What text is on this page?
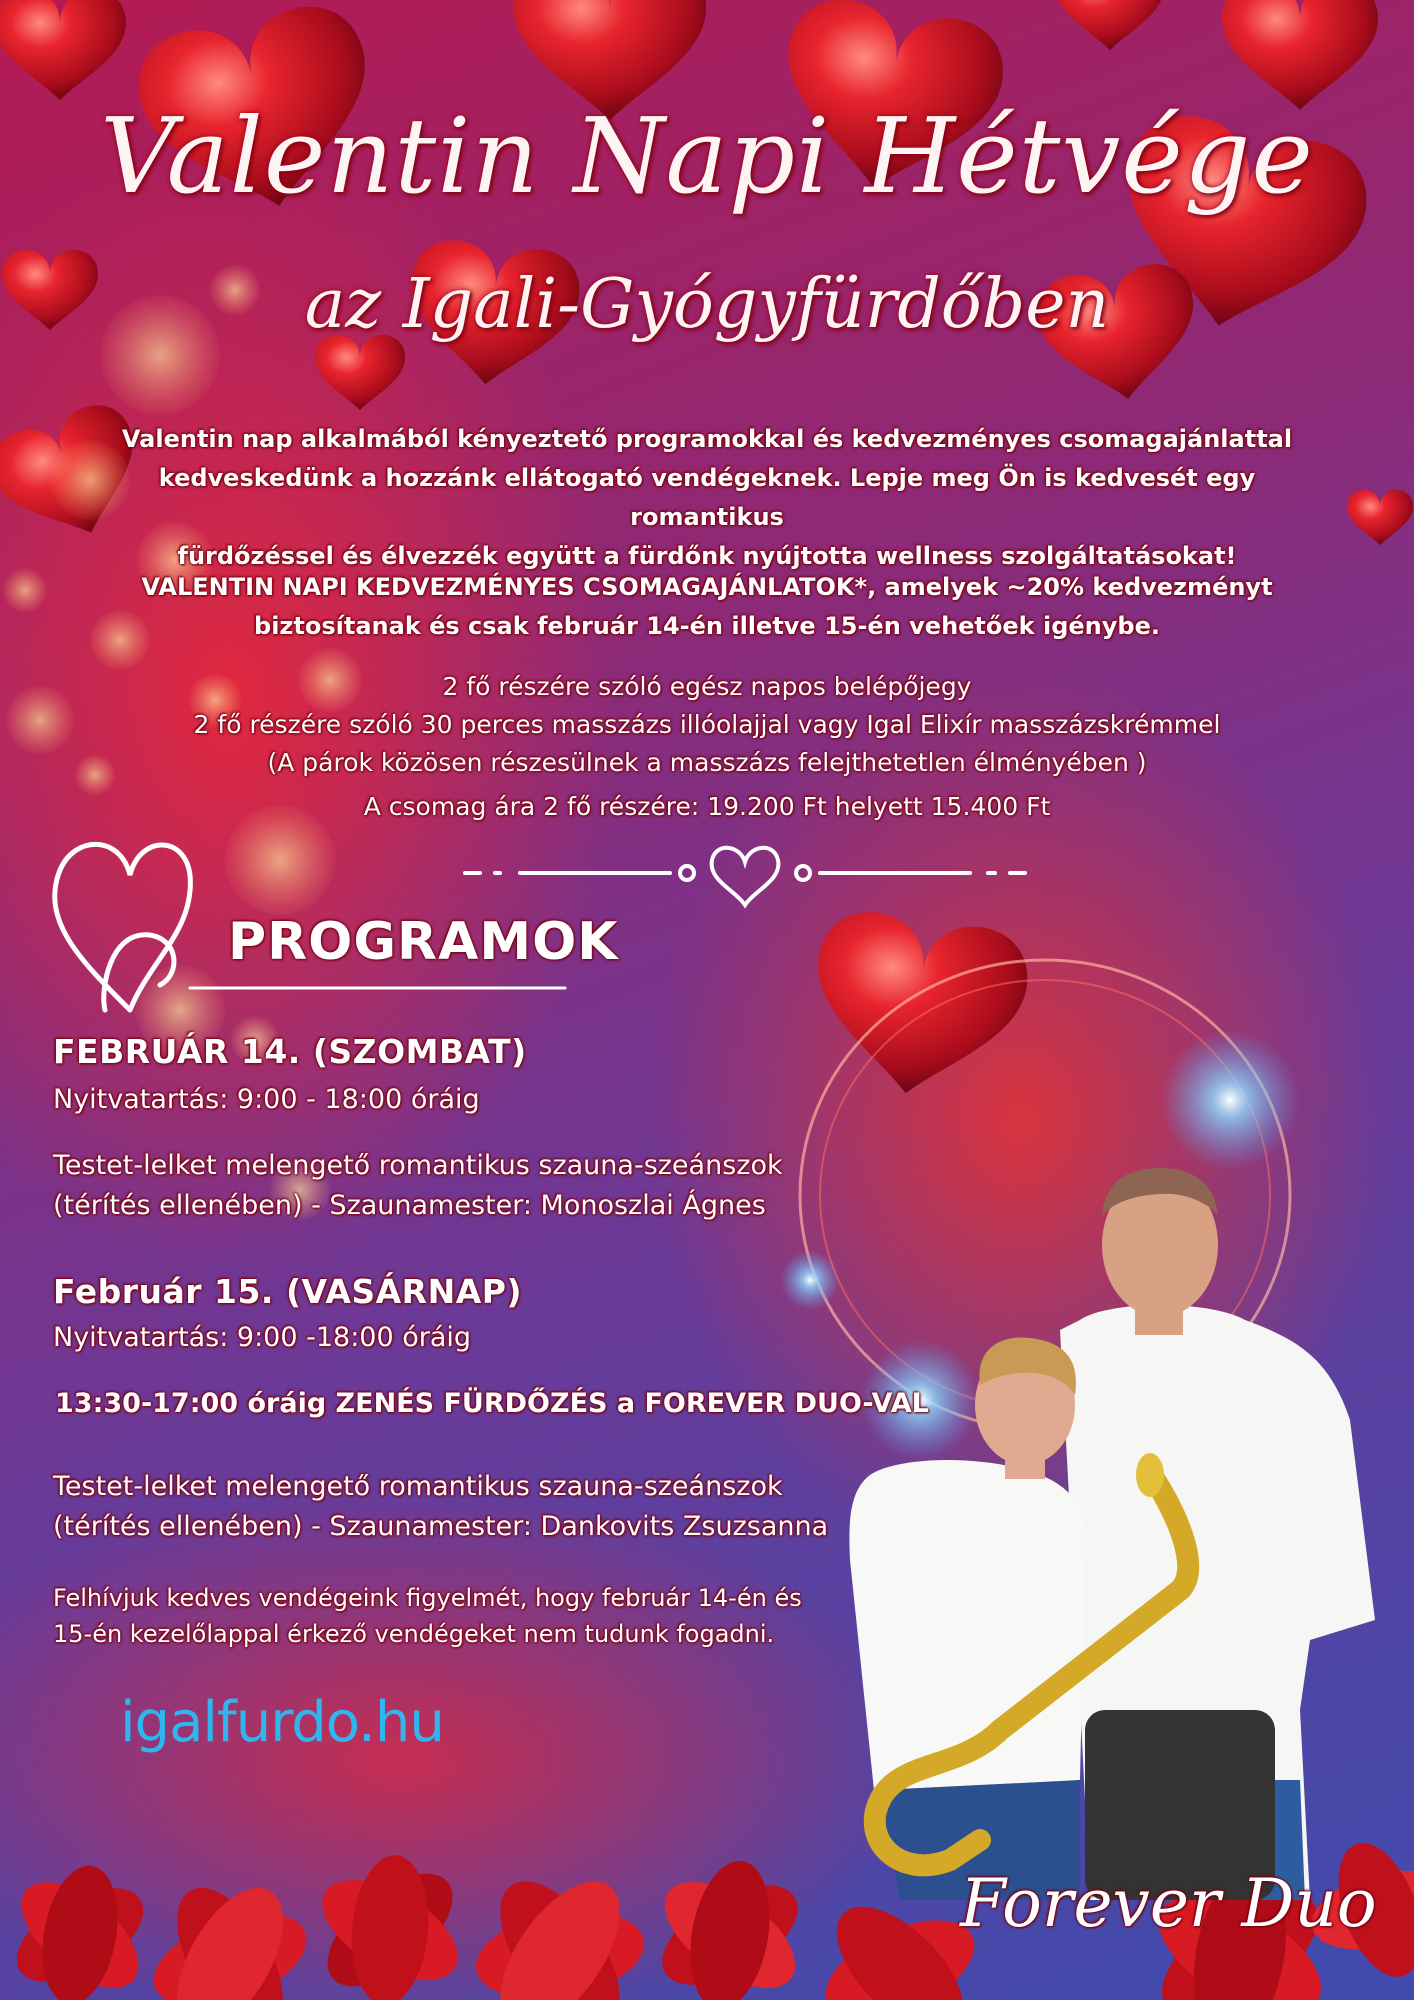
Valentin Napi Hétvége
az Igali-Gyógyfürdőben
Valentin nap alkalmából kényeztető programokkal és kedvezményes csomagajánlattal
kedveskedünk a hozzánk ellátogató vendégeknek. Lepje meg Ön is kedvesét egy romantikus
fürdőzéssel és élvezzék együtt a fürdőnk nyújtotta wellness szolgáltatásokat!
VALENTIN NAPI KEDVEZMÉNYES CSOMAGAJÁNLATOK*, amelyek ~20% kedvezményt
biztosítanak és csak február 14-én illetve 15-én vehetőek igénybe.
2 fő részére szóló egész napos belépőjegy
2 fő részére szóló 30 perces masszázs illóolajjal vagy Igal Elixír masszázskrémmel
(A párok közösen részesülnek a masszázs felejthetetlen élményében )
A csomag ára 2 fő részére: 19.200 Ft helyett 15.400 Ft
PROGRAMOK
FEBRUÁR 14. (SZOMBAT)
Nyitvatartás: 9:00 - 18:00 óráig
Testet-lelket melengető romantikus szauna-szeánszok
(térítés ellenében) - Szaunamester: Monoszlai Ágnes
Február 15. (VASÁRNAP)
Nyitvatartás: 9:00 -18:00 óráig
13:30-17:00 óráig ZENÉS FÜRDŐZÉS a FOREVER DUO-VAL
Testet-lelket melengető romantikus szauna-szeánszok
(térítés ellenében) - Szaunamester: Dankovits Zsuzsanna
Felhívjuk kedves vendégeink figyelmét, hogy február 14-én és
15-én kezelőlappal érkező vendégeket nem tudunk fogadni.
igalfurdo.hu
Forever Duo
